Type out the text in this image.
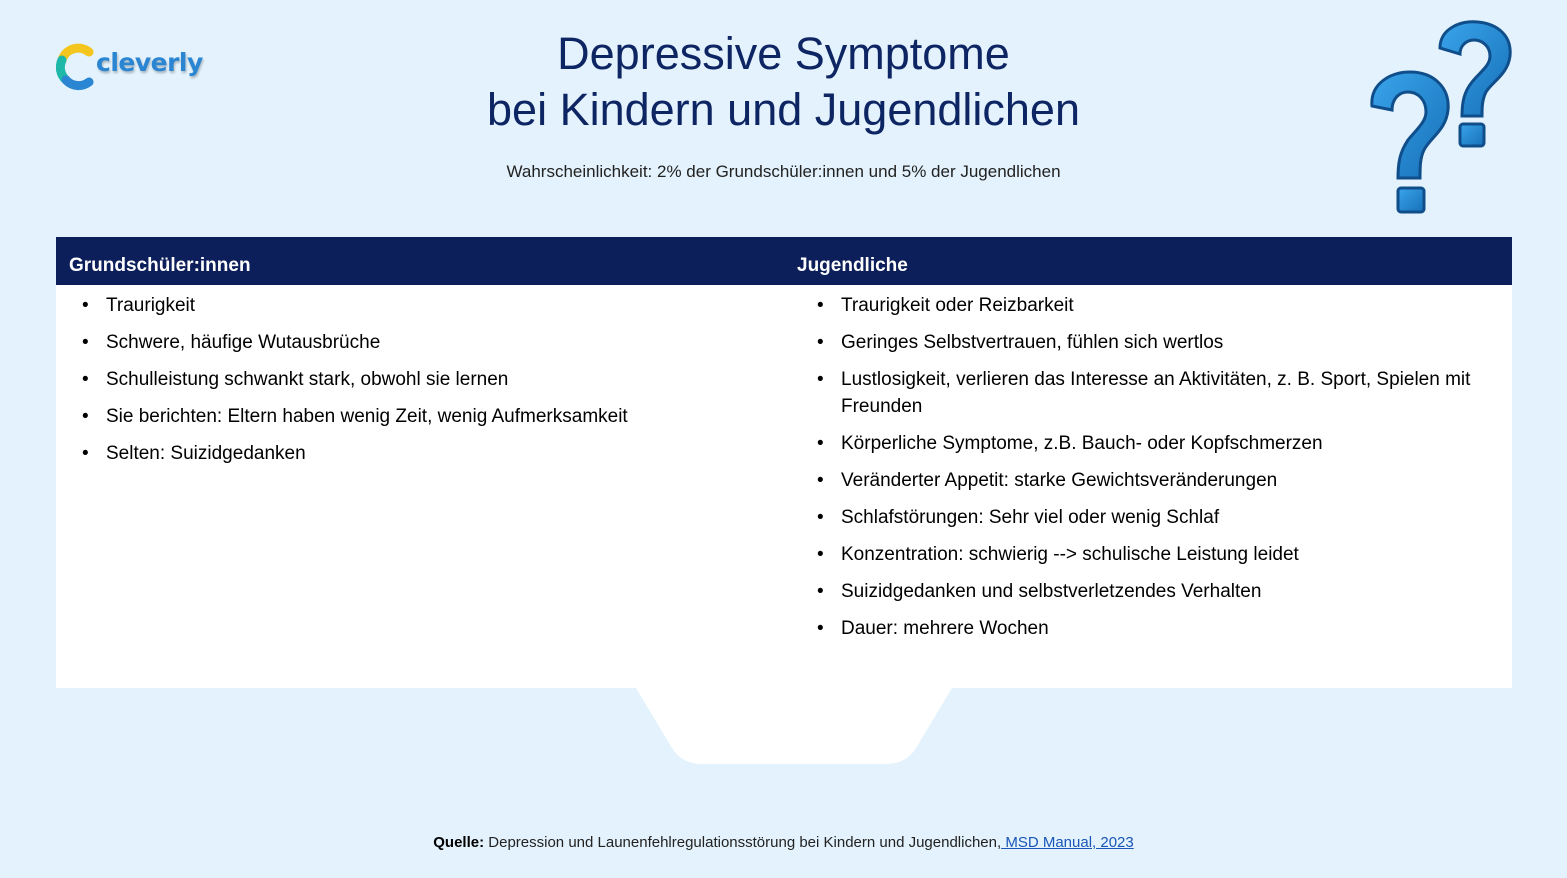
cleverly	Depressive Symptome
bei Kindern und Jugendlichen
Wahrscheinlichkeit: 2% der Grundschüler:innen und 5% der Jugendlichen
Grundschüler:innen	Jugendliche
• Traurigkeit
• Schwere, häufige Wutausbrüche
• Schulleistung schwankt stark, obwohl sie lernen
• Sie berichten: Eltern haben wenig Zeit, wenig Aufmerksamkeit
• Selten: Suizidgedanken
• Traurigkeit oder Reizbarkeit
• Geringes Selbstvertrauen, fühlen sich wertlos
• Lustlosigkeit, verlieren das Interesse an Aktivitäten, z. B. Sport, Spielen mit Freunden
• Körperliche Symptome, z.B. Bauch- oder Kopfschmerzen
• Veränderter Appetit: starke Gewichtsveränderungen
• Schlafstörungen: Sehr viel oder wenig Schlaf
• Konzentration: schwierig --> schulische Leistung leidet
• Suizidgedanken und selbstverletzendes Verhalten
• Dauer: mehrere Wochen
Quelle: Depression und Launenfehlregulationsstörung bei Kindern und Jugendlichen, MSD Manual, 2023
